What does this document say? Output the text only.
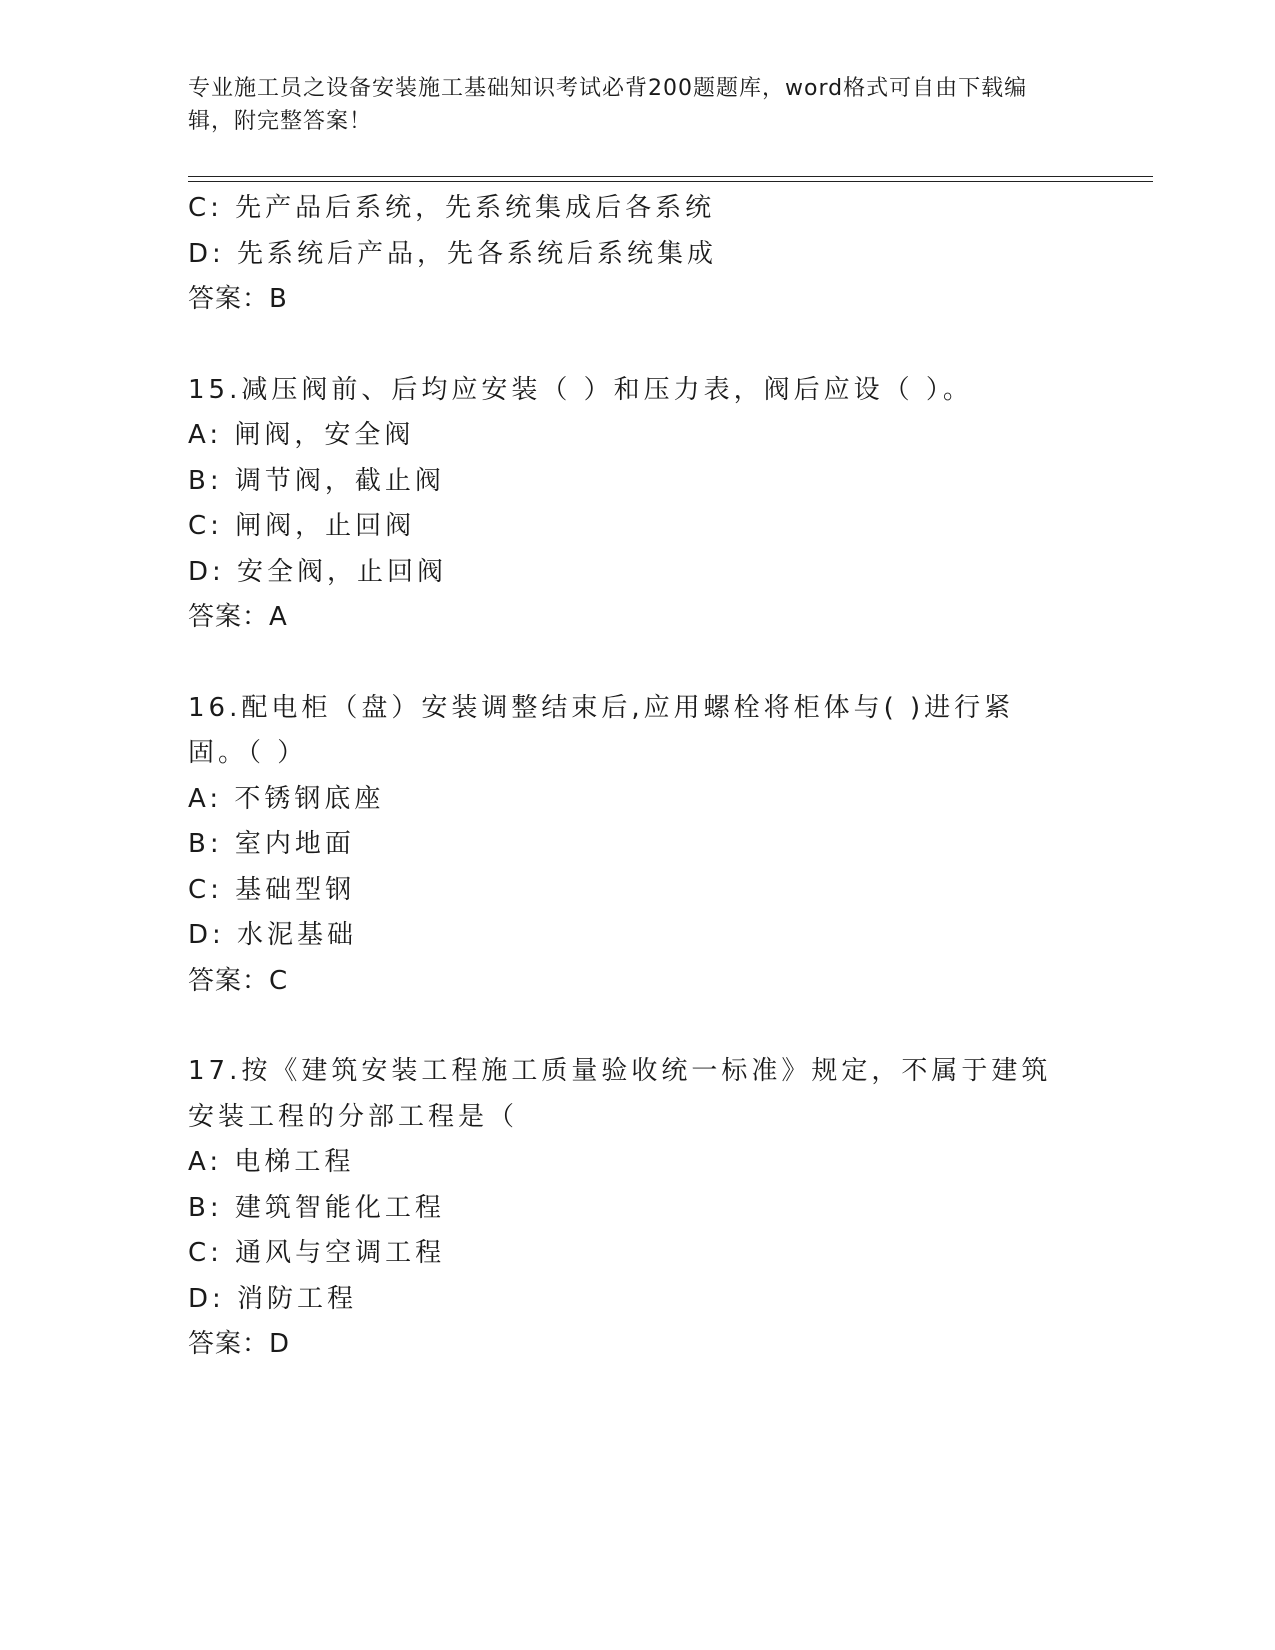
专业施工员之设备安装施工基础知识考试必背200题题库，word格式可自由下载编辑，附完整答案！
C: 先产品后系统，先系统集成后各系统
D: 先系统后产品，先各系统后系统集成
答案：B
15.减压阀前、后均应安装（ ）和压力表，阀后应设（ ）。
A: 闸阀，安全阀
B: 调节阀，截止阀
C: 闸阀，止回阀
D: 安全阀，止回阀
答案：A
16.配电柜（盘）安装调整结束后,应用螺栓将柜体与( )进行紧固。（ ）
A: 不锈钢底座
B: 室内地面
C: 基础型钢
D: 水泥基础
答案：C
17.按《建筑安装工程施工质量验收统一标准》规定，不属于建筑安装工程的分部工程是（
A: 电梯工程
B: 建筑智能化工程
C: 通风与空调工程
D: 消防工程
答案：D
